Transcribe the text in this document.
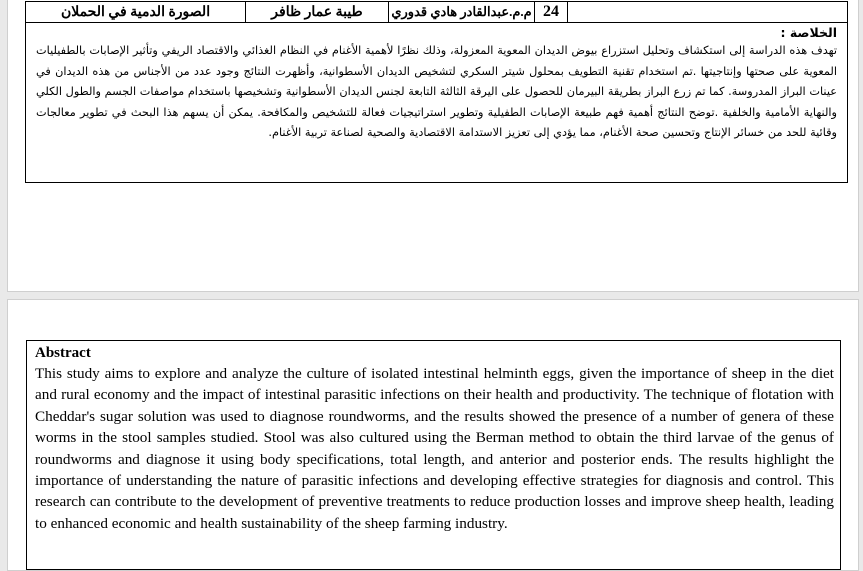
الصورة الدمية في الحملان	طيبة عمار ظافر	م.م.عبدالقادر هادي قدوري 24

الخلاصة :

تهدف هذه الدراسة إلى استكشاف وتحليل استزراع بيوض الديدان المعوية المعزولة، وذلك نظرًا لأهمية الأغنام في النظام الغذائي والاقتصاد الريفي وتأثير الإصابات بالطفيليات المعوية على صحتها وإنتاجيتها .تم استخدام تقنية التطويف بمحلول شيتر السكري لتشخيص الديدان الأسطوانية، وأظهرت النتائج وجود عدد من الأجناس من هذه الديدان في عينات البراز المدروسة. كما تم زرع البراز بطريقة البيرمان للحصول على اليرقة الثالثة التابعة لجنس الديدان الأسطوانية وتشخيصها باستخدام مواصفات الجسم والطول الكلي والنهاية الأمامية والخلفية .توضح النتائج أهمية فهم طبيعة الإصابات الطفيلية وتطوير استراتيجيات فعالة للتشخيص والمكافحة. يمكن أن يسهم هذا البحث في تطوير معالجات وقائية للحد من خسائر الإنتاج وتحسين صحة الأغنام، مما يؤدي إلى تعزيز الاستدامة الاقتصادية والصحية لصناعة تربية الأغنام.

Abstract

This study aims to explore and analyze the culture of isolated intestinal helminth eggs, given the importance of sheep in the diet and rural economy and the impact of intestinal parasitic infections on their health and productivity. The technique of flotation with Cheddar's sugar solution was used to diagnose roundworms, and the results showed the presence of a number of genera of these worms in the stool samples studied. Stool was also cultured using the Berman method to obtain the third larvae of the genus of roundworms and diagnose it using body specifications, total length, and anterior and posterior ends. The results highlight the importance of understanding the nature of parasitic infections and developing effective strategies for diagnosis and control. This research can contribute to the development of preventive treatments to reduce production losses and improve sheep health, leading to enhanced economic and health sustainability of the sheep farming industry.
